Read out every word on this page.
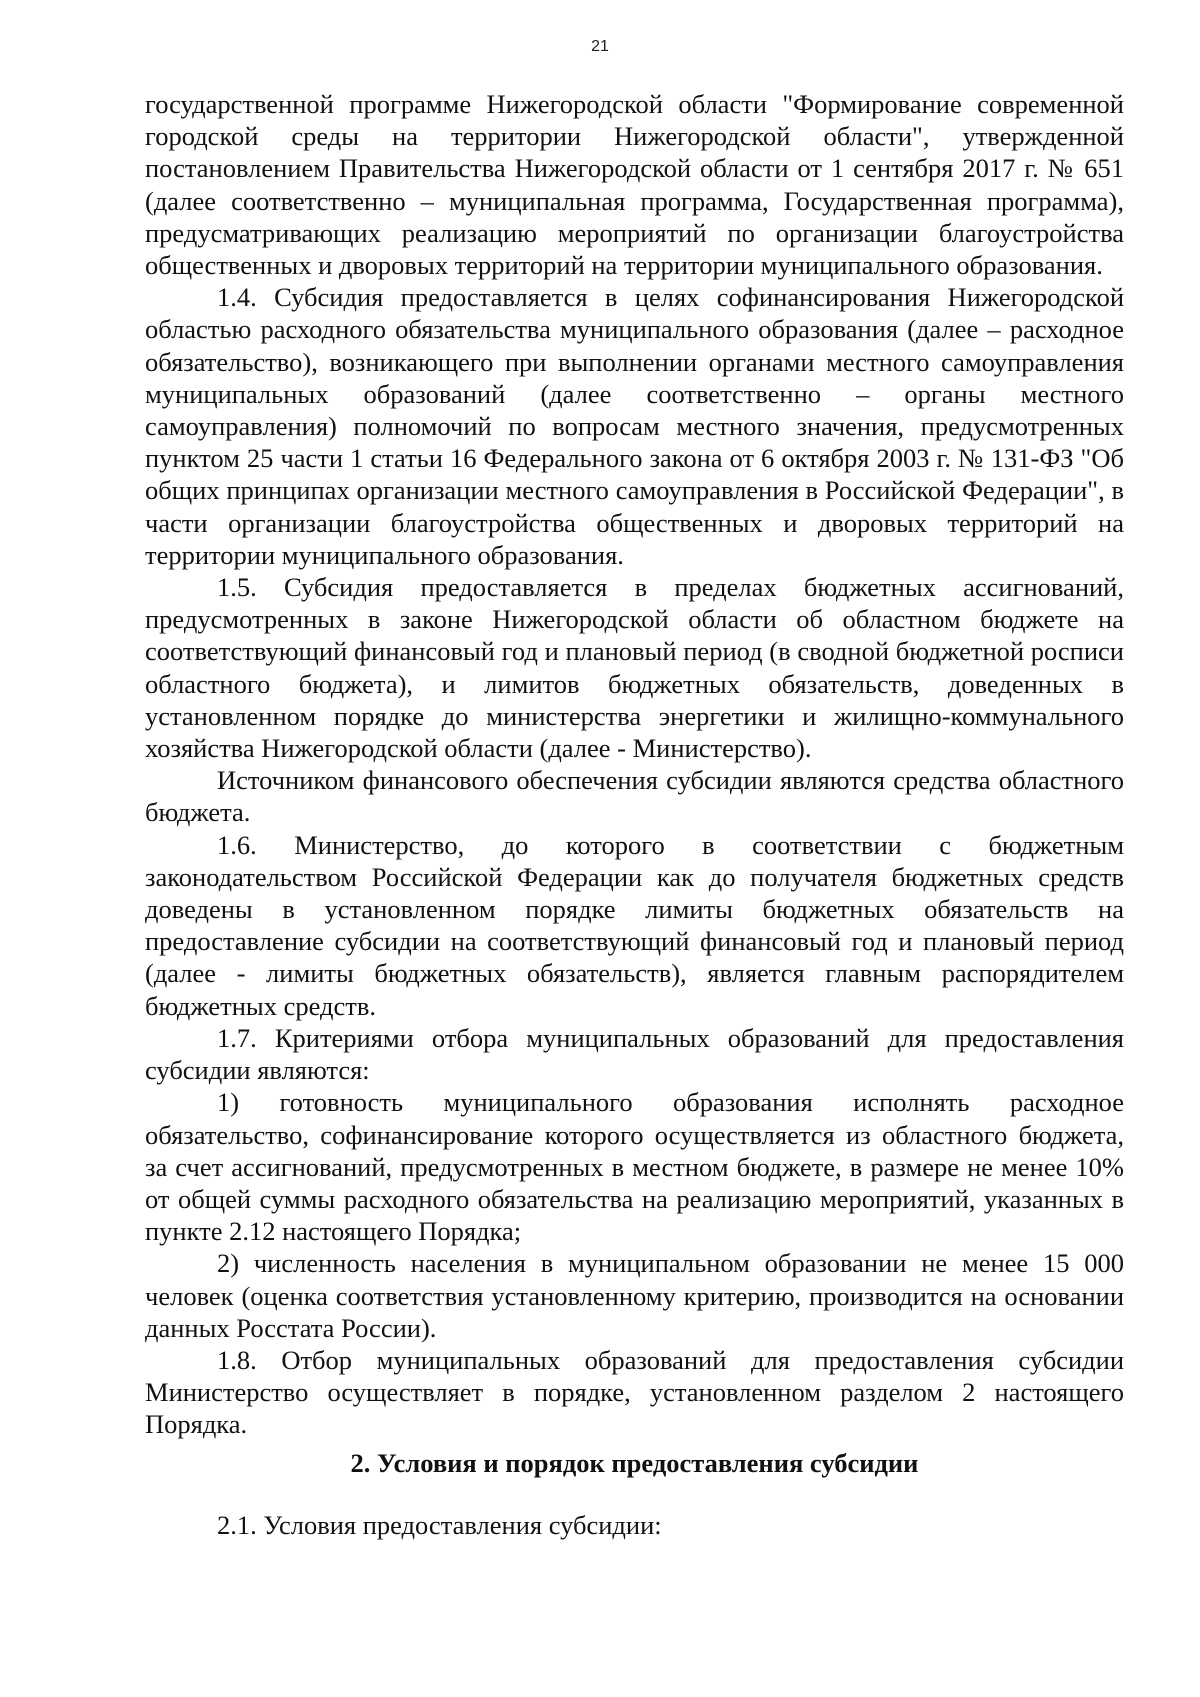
21

государственной программе Нижегородской области "Формирование современной городской среды на территории Нижегородской области", утвержденной постановлением Правительства Нижегородской области от 1 сентября 2017 г. № 651 (далее соответственно – муниципальная программа, Государственная программа), предусматривающих реализацию мероприятий по организации благоустройства общественных и дворовых территорий на территории муниципального образования.

1.4. Субсидия предоставляется в целях софинансирования Нижегородской областью расходного обязательства муниципального образования (далее – расходное обязательство), возникающего при выполнении органами местного самоуправления муниципальных образований (далее соответственно – органы местного самоуправления) полномочий по вопросам местного значения, предусмотренных пунктом 25 части 1 статьи 16 Федерального закона от 6 октября 2003 г. № 131-ФЗ "Об общих принципах организации местного самоуправления в Российской Федерации", в части организации благоустройства общественных и дворовых территорий на территории муниципального образования.

1.5. Субсидия предоставляется в пределах бюджетных ассигнований, предусмотренных в законе Нижегородской области об областном бюджете на соответствующий финансовый год и плановый период (в сводной бюджетной росписи областного бюджета), и лимитов бюджетных обязательств, доведенных в установленном порядке до министерства энергетики и жилищно-коммунального хозяйства Нижегородской области (далее - Министерство).

Источником финансового обеспечения субсидии являются средства областного бюджета.

1.6. Министерство, до которого в соответствии с бюджетным законодательством Российской Федерации как до получателя бюджетных средств доведены в установленном порядке лимиты бюджетных обязательств на предоставление субсидии на соответствующий финансовый год и плановый период (далее - лимиты бюджетных обязательств), является главным распорядителем бюджетных средств.

1.7. Критериями отбора муниципальных образований для предоставления субсидии являются:

1) готовность муниципального образования исполнять расходное обязательство, софинансирование которого осуществляется из областного бюджета, за счет ассигнований, предусмотренных в местном бюджете, в размере не менее 10% от общей суммы расходного обязательства на реализацию мероприятий, указанных в пункте 2.12 настоящего Порядка;

2) численность населения в муниципальном образовании не менее 15 000 человек (оценка соответствия установленному критерию, производится на основании данных Росстата России).

1.8. Отбор муниципальных образований для предоставления субсидии Министерство осуществляет в порядке, установленном разделом 2 настоящего Порядка.

2. Условия и порядок предоставления субсидии

2.1. Условия предоставления субсидии:
